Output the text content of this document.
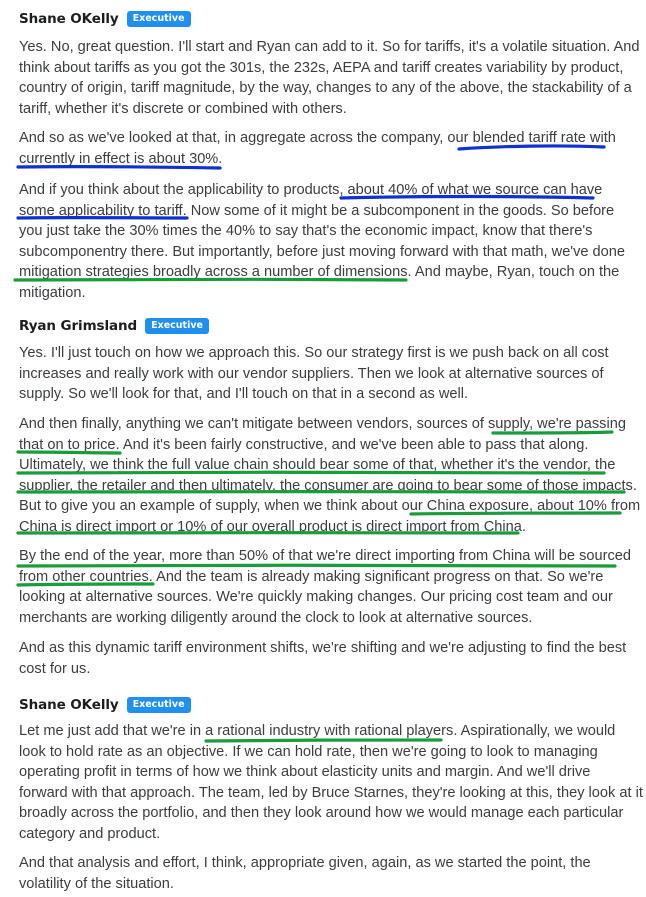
Shane OKelly	Executive
Yes. No, great question. I'll start and Ryan can add to it. So for tariffs, it's a volatile situation. And
think about tariffs as you got the 301s, the 232s, AEPA and tariff creates variability by product,
country of origin, tariff magnitude, by the way, changes to any of the above, the stackability of a
tariff, whether it's discrete or combined with others.
And so as we've looked at that, in aggregate across the company, our blended tariff rate with
currently in effect is about 30%.
And if you think about the applicability to products, about 40% of what we source can have
some applicability to tariff. Now some of it might be a subcomponent in the goods. So before
you just take the 30% times the 40% to say that's the economic impact, know that there's
subcomponentry there. But importantly, before just moving forward with that math, we've done
mitigation strategies broadly across a number of dimensions. And maybe, Ryan, touch on the
mitigation.
Ryan Grimsland	Executive
Yes. I'll just touch on how we approach this. So our strategy first is we push back on all cost
increases and really work with our vendor suppliers. Then we look at alternative sources of
supply. So we'll look for that, and I'll touch on that in a second as well.
And then finally, anything we can't mitigate between vendors, sources of supply, we're passing
that on to price. And it's been fairly constructive, and we've been able to pass that along.
Ultimately, we think the full value chain should bear some of that, whether it's the vendor, the
supplier, the retailer and then ultimately, the consumer are going to bear some of those impacts.
But to give you an example of supply, when we think about our China exposure, about 10% from
China is direct import or 10% of our overall product is direct import from China.
By the end of the year, more than 50% of that we're direct importing from China will be sourced
from other countries. And the team is already making significant progress on that. So we're
looking at alternative sources. We're quickly making changes. Our pricing cost team and our
merchants are working diligently around the clock to look at alternative sources.
And as this dynamic tariff environment shifts, we're shifting and we're adjusting to find the best
cost for us.
Shane OKelly	Executive
Let me just add that we're in a rational industry with rational players. Aspirationally, we would
look to hold rate as an objective. If we can hold rate, then we're going to look to managing
operating profit in terms of how we think about elasticity units and margin. And we'll drive
forward with that approach. The team, led by Bruce Starnes, they're looking at this, they look at it
broadly across the portfolio, and then they look around how we would manage each particular
category and product.
And that analysis and effort, I think, appropriate given, again, as we started the point, the
volatility of the situation.
